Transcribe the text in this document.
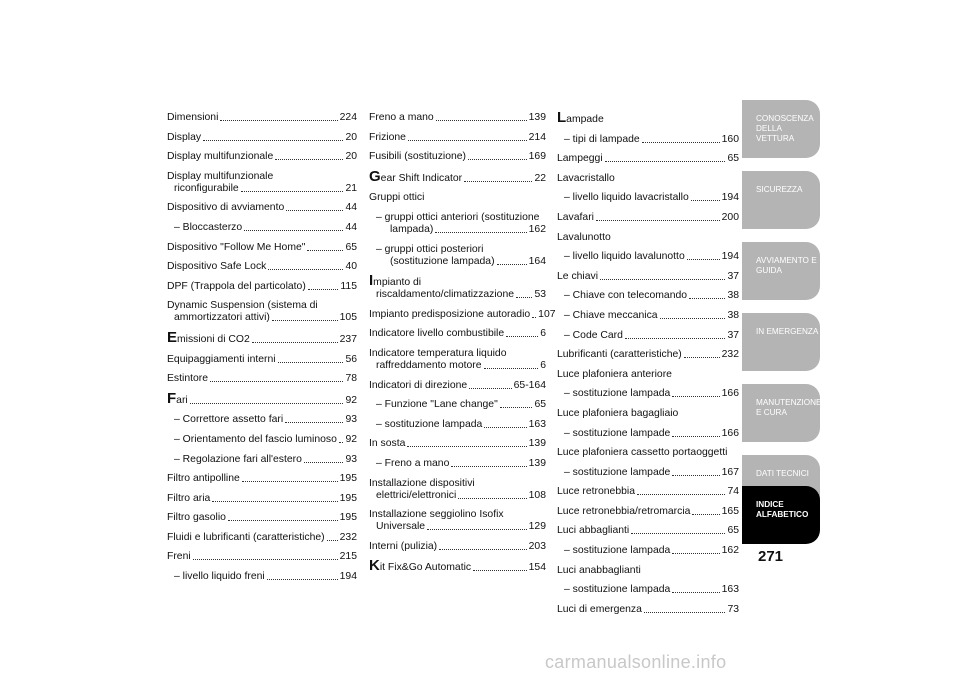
Dimensioni	224
Display	20
Display multifunzionale	20
Display multifunzionale
riconfigurabile	21
Dispositivo di avviamento	44
– Bloccasterzo	44
Dispositivo "Follow Me Home"	65
Dispositivo Safe Lock	40
DPF (Trappola del particolato)	115
Dynamic Suspension (sistema di
ammortizzatori attivi)	105
Emissioni di CO2	237
Equipaggiamenti interni	56
Estintore	78
Fari	92
– Correttore assetto fari	93
– Orientamento del fascio luminoso 92
– Regolazione fari all'estero	93
Filtro antipolline	195
Filtro aria	195
Filtro gasolio	195
Fluidi e lubrificanti (caratteristiche) 232
Freni	215
– livello liquido freni	194
Freno a mano	139
Frizione	214
Fusibili (sostituzione)	169
Gear Shift Indicator	22
Gruppi ottici
– gruppi ottici anteriori (sostituzione
lampada)	162
– gruppi ottici posteriori
(sostituzione lampada)	164
Impianto di
riscaldamento/climatizzazione 53
Impianto predisposizione autoradio 107
Indicatore livello combustibile	6
Indicatore temperatura liquido
raffreddamento motore	6
Indicatori di direzione	65-164
– Funzione "Lane change"	65
– sostituzione lampada	163
In sosta	139
– Freno a mano	139
Installazione dispositivi
elettrici/elettronici	108
Installazione seggiolino Isofix
Universale	129
Interni (pulizia)	203
Kit Fix&Go Automatic	154
Lampade
– tipi di lampade	160
Lampeggi	65
Lavacristallo
– livello liquido lavacristallo	194
Lavafari	200
Lavalunotto
– livello liquido lavalunotto	194
Le chiavi	37
– Chiave con telecomando	38
– Chiave meccanica	38
– Code Card	37
Lubrificanti (caratteristiche)	232
Luce plafoniera anteriore
– sostituzione lampada	166
Luce plafoniera bagagliaio
– sostituzione lampade	166
Luce plafoniera cassetto portaoggetti
– sostituzione lampade	167
Luce retronebbia	74
Luce retronebbia/retromarcia	165
Luci abbaglianti	65
– sostituzione lampada	162
Luci anabbaglianti
– sostituzione lampada	163
Luci di emergenza	73
CONOSCENZA DELLA VETTURA
SICUREZZA
AVVIAMENTO E GUIDA
IN EMERGENZA
MANUTENZIONE E CURA
DATI TECNICI
INDICE ALFABETICO
271
carmanualsonline.info
